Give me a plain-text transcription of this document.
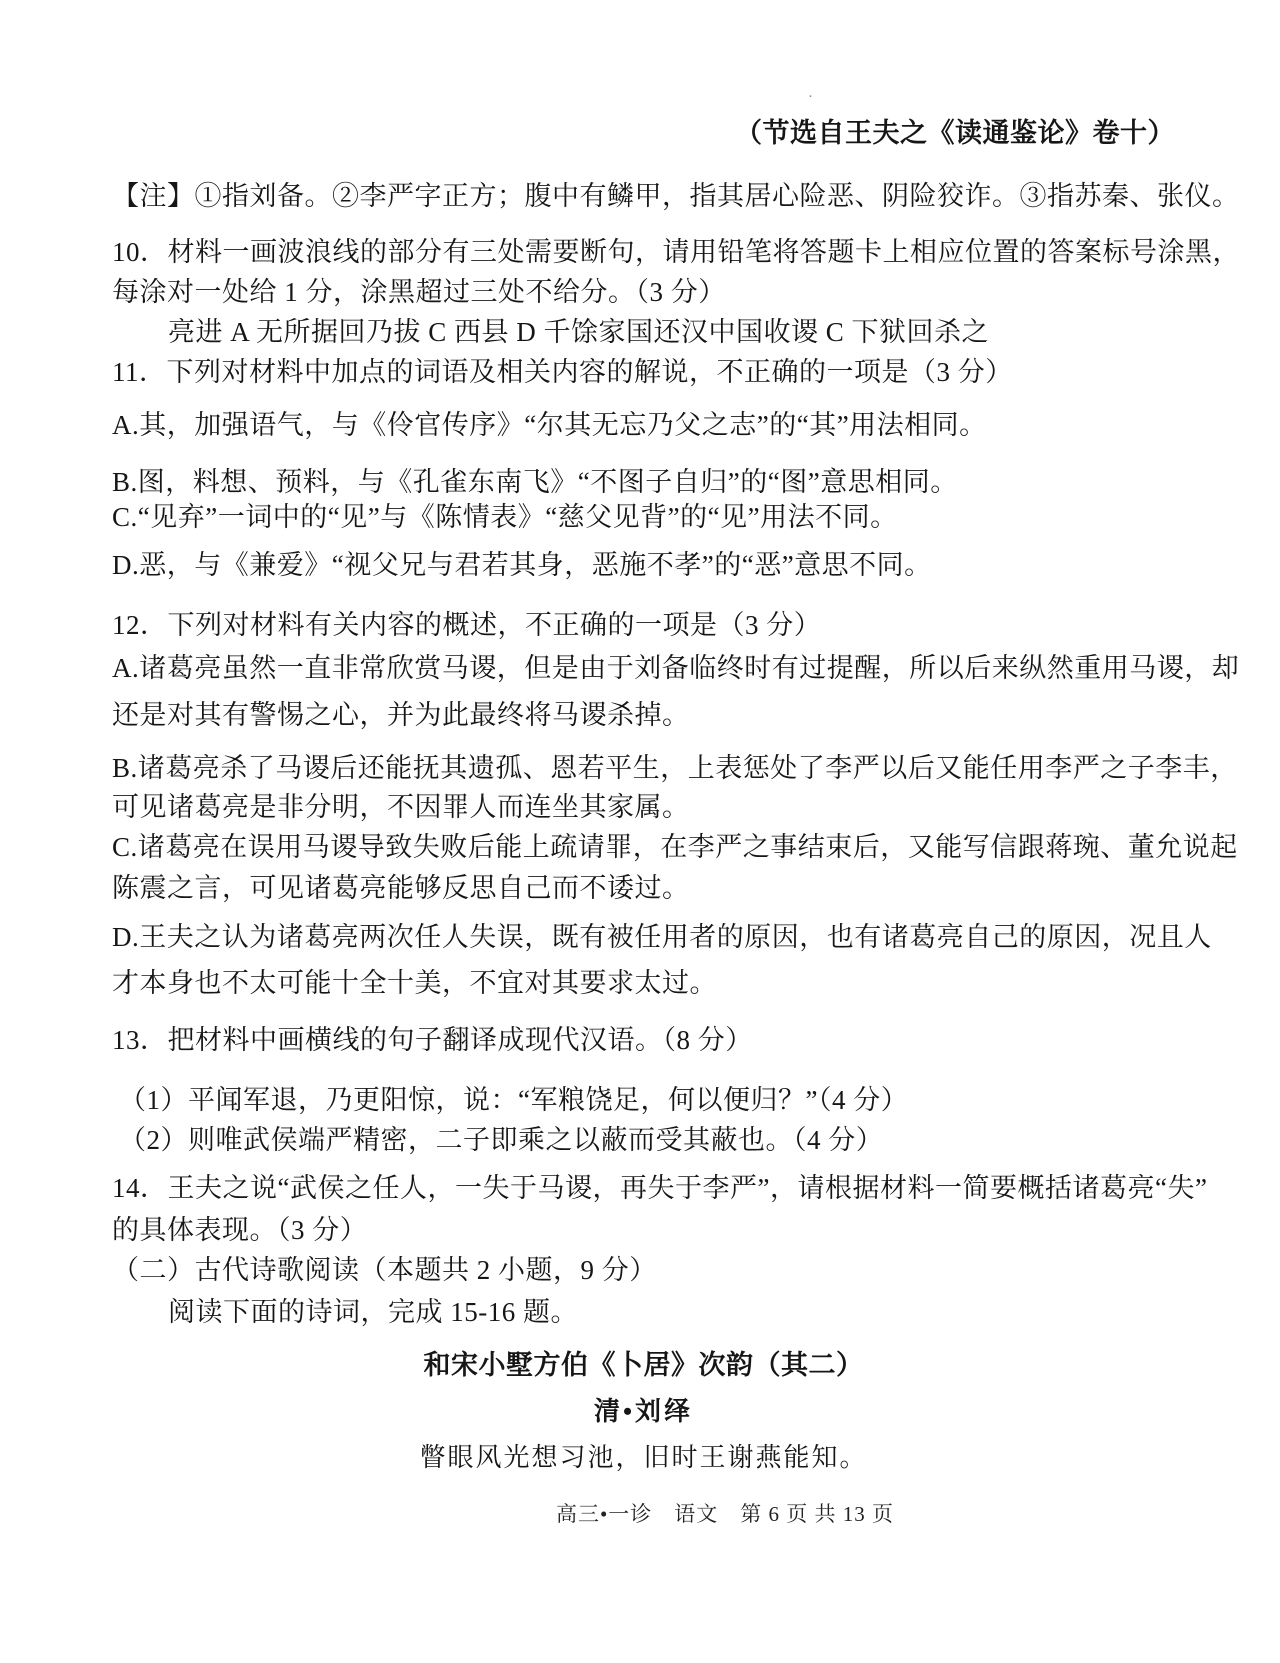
·
（节选自王夫之《读通鉴论》卷十）
【注】①指刘备。②李严字正方；腹中有鳞甲，指其居心险恶、阴险狡诈。③指苏秦、张仪。
10．材料一画波浪线的部分有三处需要断句，请用铅笔将答题卡上相应位置的答案标号涂黑，
每涂对一处给 1 分，涂黑超过三处不给分。（3 分）
亮进 A 无所据回乃拔 C 西县 D 千馀家国还汉中国收谡 C 下狱回杀之
11．下列对材料中加点的词语及相关内容的解说，不正确的一项是（3 分）
A.其，加强语气，与《伶官传序》“尔其无忘乃父之志”的“其”用法相同。
B.图，料想、预料，与《孔雀东南飞》“不图子自归”的“图”意思相同。
C.“见弃”一词中的“见”与《陈情表》“慈父见背”的“见”用法不同。
D.恶，与《兼爱》“视父兄与君若其身，恶施不孝”的“恶”意思不同。
12．下列对材料有关内容的概述，不正确的一项是（3 分）
A.诸葛亮虽然一直非常欣赏马谡，但是由于刘备临终时有过提醒，所以后来纵然重用马谡，却
还是对其有警惕之心，并为此最终将马谡杀掉。
B.诸葛亮杀了马谡后还能抚其遗孤、恩若平生，上表惩处了李严以后又能任用李严之子李丰，
可见诸葛亮是非分明，不因罪人而连坐其家属。
C.诸葛亮在误用马谡导致失败后能上疏请罪，在李严之事结束后，又能写信跟蒋琬、董允说起
陈震之言，可见诸葛亮能够反思自己而不诿过。
D.王夫之认为诸葛亮两次任人失误，既有被任用者的原因，也有诸葛亮自己的原因，况且人
才本身也不太可能十全十美，不宜对其要求太过。
13．把材料中画横线的句子翻译成现代汉语。（8 分）
（1）平闻军退，乃更阳惊，说：“军粮饶足，何以便归？”（4 分）
（2）则唯武侯端严精密，二子即乘之以蔽而受其蔽也。（4 分）
14．王夫之说“武侯之任人，一失于马谡，再失于李严”，请根据材料一简要概括诸葛亮“失”
的具体表现。（3 分）
（二）古代诗歌阅读（本题共 2 小题，9 分）
阅读下面的诗词，完成 15-16 题。
和宋小墅方伯《卜居》次韵（其二）
清•刘绎
瞥眼风光想习池，旧时王谢燕能知。
高三•一诊　语文　第 6 页 共 13 页
